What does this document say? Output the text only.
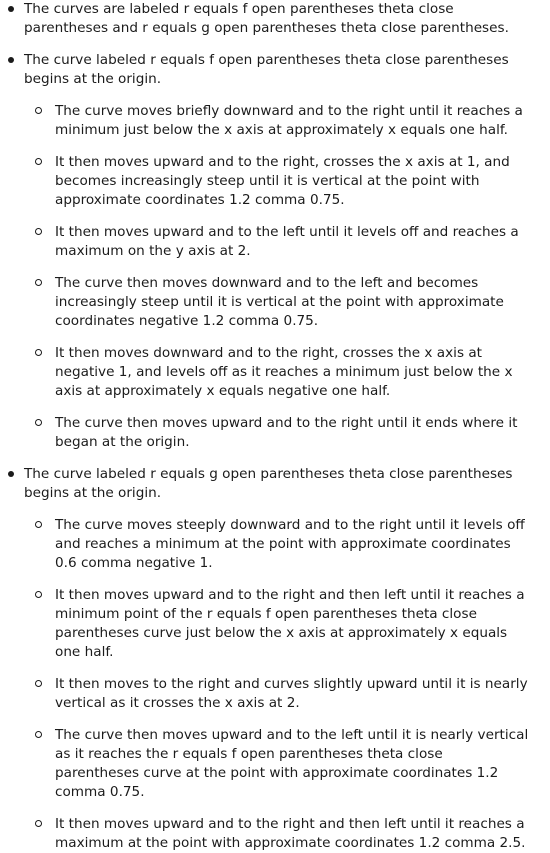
The curves are labeled r equals f open parentheses theta close parentheses and r equals g open parentheses theta close parentheses.
The curve labeled r equals f open parentheses theta close parentheses begins at the origin.
The curve moves briefly downward and to the right until it reaches a minimum just below the x axis at approximately x equals one half.
It then moves upward and to the right, crosses the x axis at 1, and becomes increasingly steep until it is vertical at the point with approximate coordinates 1.2 comma 0.75.
It then moves upward and to the left until it levels off and reaches a maximum on the y axis at 2.
The curve then moves downward and to the left and becomes increasingly steep until it is vertical at the point with approximate coordinates negative 1.2 comma 0.75.
It then moves downward and to the right, crosses the x axis at negative 1, and levels off as it reaches a minimum just below the x axis at approximately x equals negative one half.
The curve then moves upward and to the right until it ends where it began at the origin.
The curve labeled r equals g open parentheses theta close parentheses begins at the origin.
The curve moves steeply downward and to the right until it levels off and reaches a minimum at the point with approximate coordinates 0.6 comma negative 1.
It then moves upward and to the right and then left until it reaches a minimum point of the r equals f open parentheses theta close parentheses curve just below the x axis at approximately x equals one half.
It then moves to the right and curves slightly upward until it is nearly vertical as it crosses the x axis at 2.
The curve then moves upward and to the left until it is nearly vertical as it reaches the r equals f open parentheses theta close parentheses curve at the point with approximate coordinates 1.2 comma 0.75.
It then moves upward and to the right and then left until it reaches a maximum at the point with approximate coordinates 1.2 comma 2.5.
